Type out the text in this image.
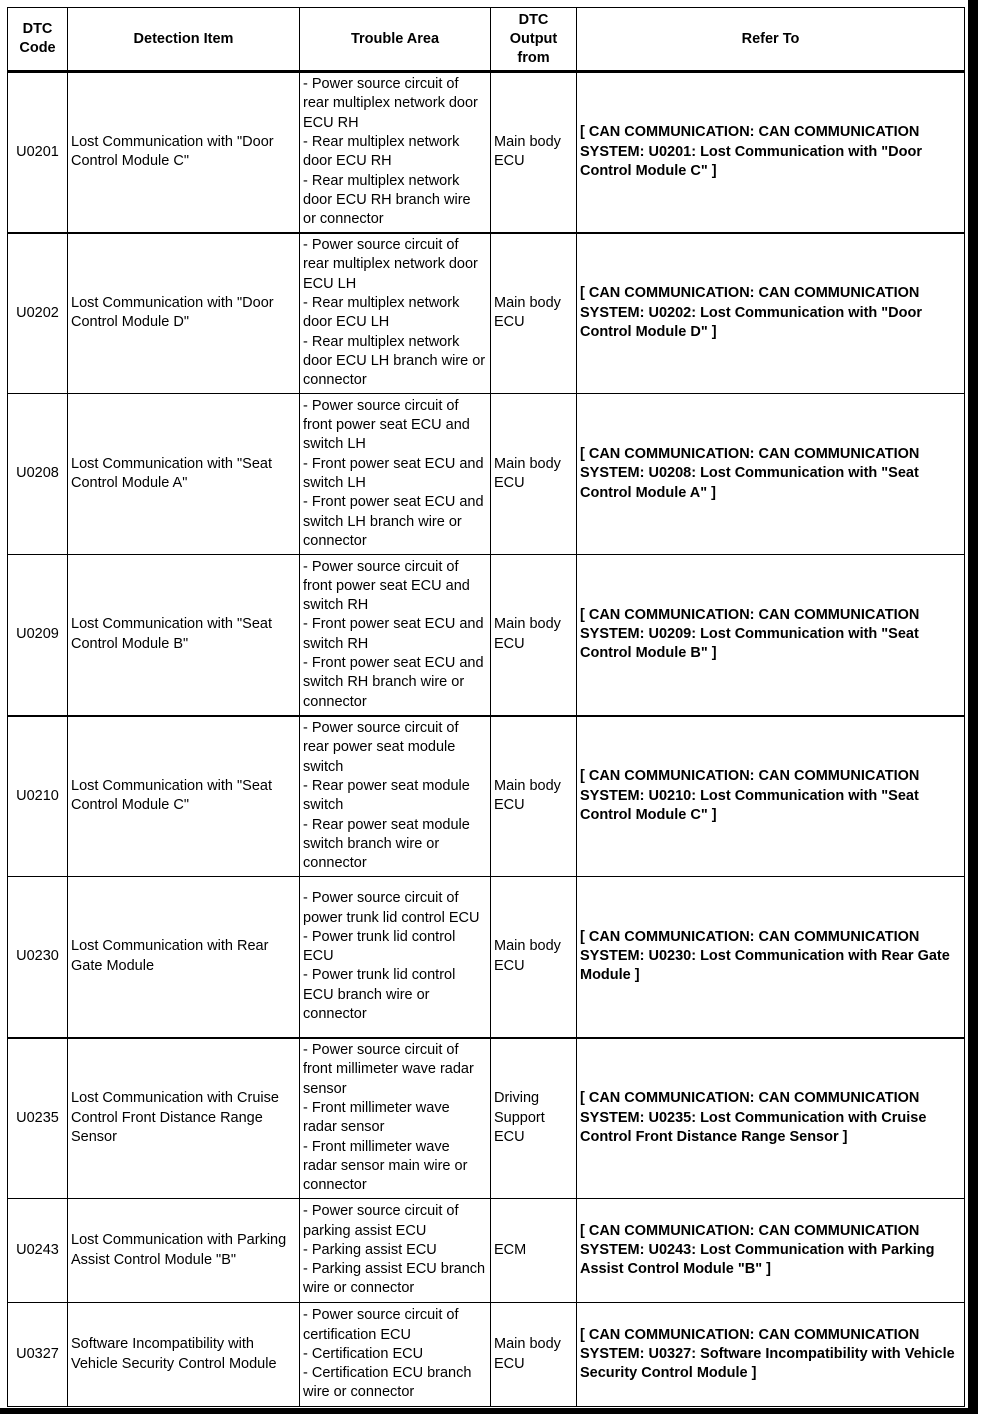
DTC Code	Detection Item	Trouble Area	DTC Output from	Refer To
U0201	Lost Communication with "Door Control Module C"	- Power source circuit of rear multiplex network door ECU RH
- Rear multiplex network door ECU RH
- Rear multiplex network door ECU RH branch wire or connector	Main body ECU	[ CAN COMMUNICATION: CAN COMMUNICATION SYSTEM: U0201: Lost Communication with "Door Control Module C" ]
U0202	Lost Communication with "Door Control Module D"	- Power source circuit of rear multiplex network door ECU LH
- Rear multiplex network door ECU LH
- Rear multiplex network door ECU LH branch wire or connector	Main body ECU	[ CAN COMMUNICATION: CAN COMMUNICATION SYSTEM: U0202: Lost Communication with "Door Control Module D" ]
U0208	Lost Communication with "Seat Control Module A"	- Power source circuit of front power seat ECU and switch LH
- Front power seat ECU and switch LH
- Front power seat ECU and switch LH branch wire or connector	Main body ECU	[ CAN COMMUNICATION: CAN COMMUNICATION SYSTEM: U0208: Lost Communication with "Seat Control Module A" ]
U0209	Lost Communication with "Seat Control Module B"	- Power source circuit of front power seat ECU and switch RH
- Front power seat ECU and switch RH
- Front power seat ECU and switch RH branch wire or connector	Main body ECU	[ CAN COMMUNICATION: CAN COMMUNICATION SYSTEM: U0209: Lost Communication with "Seat Control Module B" ]
U0210	Lost Communication with "Seat Control Module C"	- Power source circuit of rear power seat module switch
- Rear power seat module switch
- Rear power seat module switch branch wire or connector	Main body ECU	[ CAN COMMUNICATION: CAN COMMUNICATION SYSTEM: U0210: Lost Communication with "Seat Control Module C" ]
U0230	Lost Communication with Rear Gate Module	- Power source circuit of power trunk lid control ECU
- Power trunk lid control ECU
- Power trunk lid control ECU branch wire or connector	Main body ECU	[ CAN COMMUNICATION: CAN COMMUNICATION SYSTEM: U0230: Lost Communication with Rear Gate Module ]
U0235	Lost Communication with Cruise Control Front Distance Range Sensor	- Power source circuit of front millimeter wave radar sensor
- Front millimeter wave radar sensor
- Front millimeter wave radar sensor main wire or connector	Driving Support ECU	[ CAN COMMUNICATION: CAN COMMUNICATION SYSTEM: U0235: Lost Communication with Cruise Control Front Distance Range Sensor ]
U0243	Lost Communication with Parking Assist Control Module "B"	- Power source circuit of parking assist ECU
- Parking assist ECU
- Parking assist ECU branch wire or connector	ECM	[ CAN COMMUNICATION: CAN COMMUNICATION SYSTEM: U0243: Lost Communication with Parking Assist Control Module "B" ]
U0327	Software Incompatibility with Vehicle Security Control Module	- Power source circuit of certification ECU
- Certification ECU
- Certification ECU branch wire or connector	Main body ECU	[ CAN COMMUNICATION: CAN COMMUNICATION SYSTEM: U0327: Software Incompatibility with Vehicle Security Control Module ]
